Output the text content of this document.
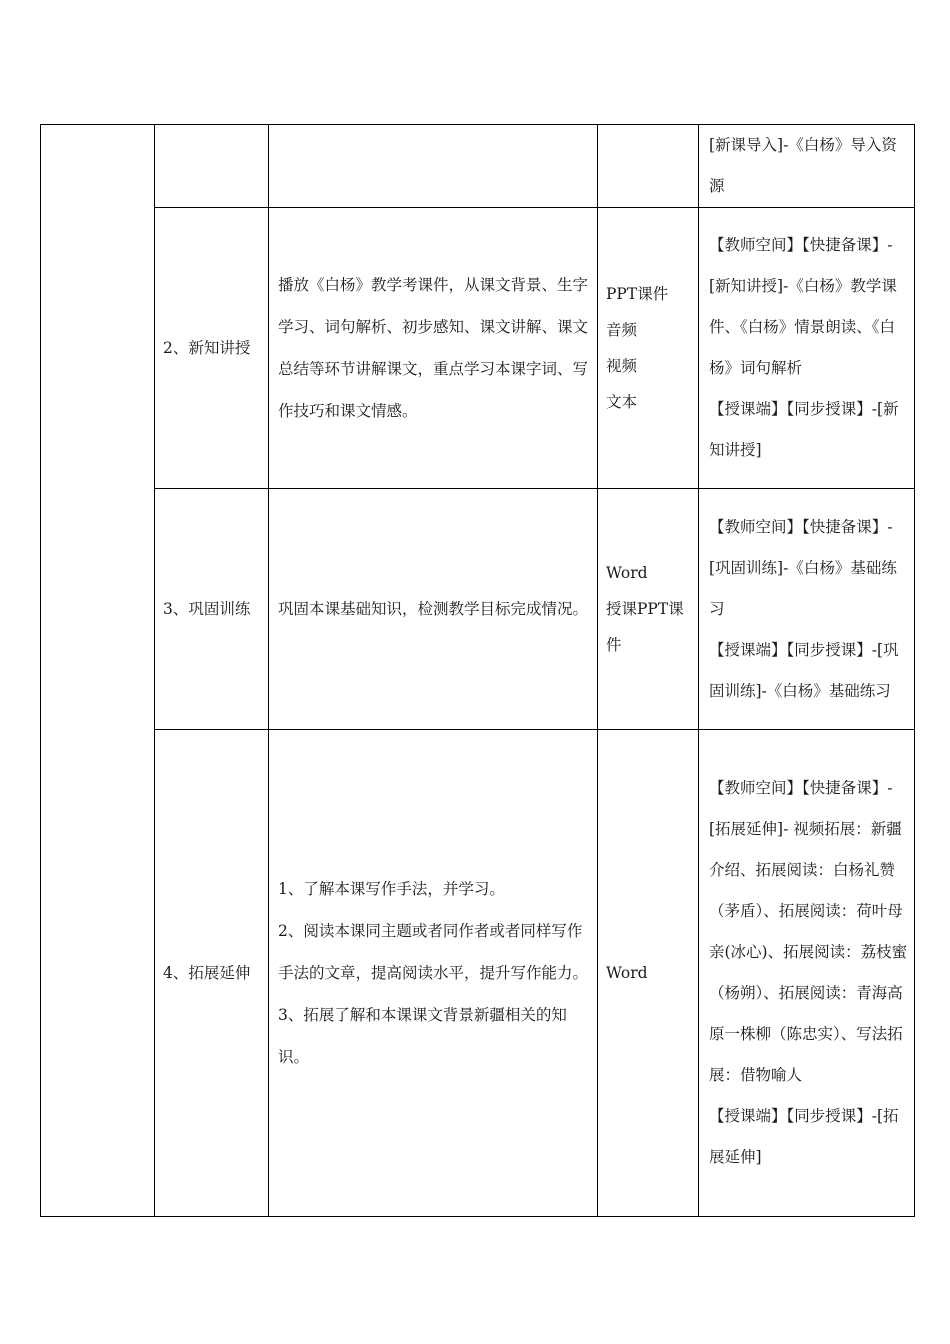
				[新课导入]-《白杨》导入资源

	2、新知讲授	播放《白杨》教学考课件，从课文背景、生字学习、词句解析、初步感知、课文讲解、课文总结等环节讲解课文，重点学习本课字词、写作技巧和课文情感。	PPT课件
音频
视频
文本	【教师空间】【快捷备课】-[新知讲授]-《白杨》教学课件、《白杨》情景朗读、《白杨》词句解析
【授课端】【同步授课】-[新知讲授]

	3、巩固训练	巩固本课基础知识，检测教学目标完成情况。	Word
授课PPT课件	【教师空间】【快捷备课】-[巩固训练]-《白杨》基础练习
【授课端】【同步授课】-[巩固训练]-《白杨》基础练习

	4、拓展延伸	1、了解本课写作手法，并学习。
2、阅读本课同主题或者同作者或者同样写作手法的文章，提高阅读水平，提升写作能力。
3、拓展了解和本课课文背景新疆相关的知识。	Word	【教师空间】【快捷备课】-[拓展延伸]- 视频拓展：新疆介绍、拓展阅读：白杨礼赞（茅盾）、拓展阅读：荷叶母亲(冰心)、拓展阅读：荔枝蜜（杨朔）、拓展阅读：青海高原一株柳（陈忠实）、写法拓展：借物喻人
【授课端】【同步授课】-[拓展延伸]
